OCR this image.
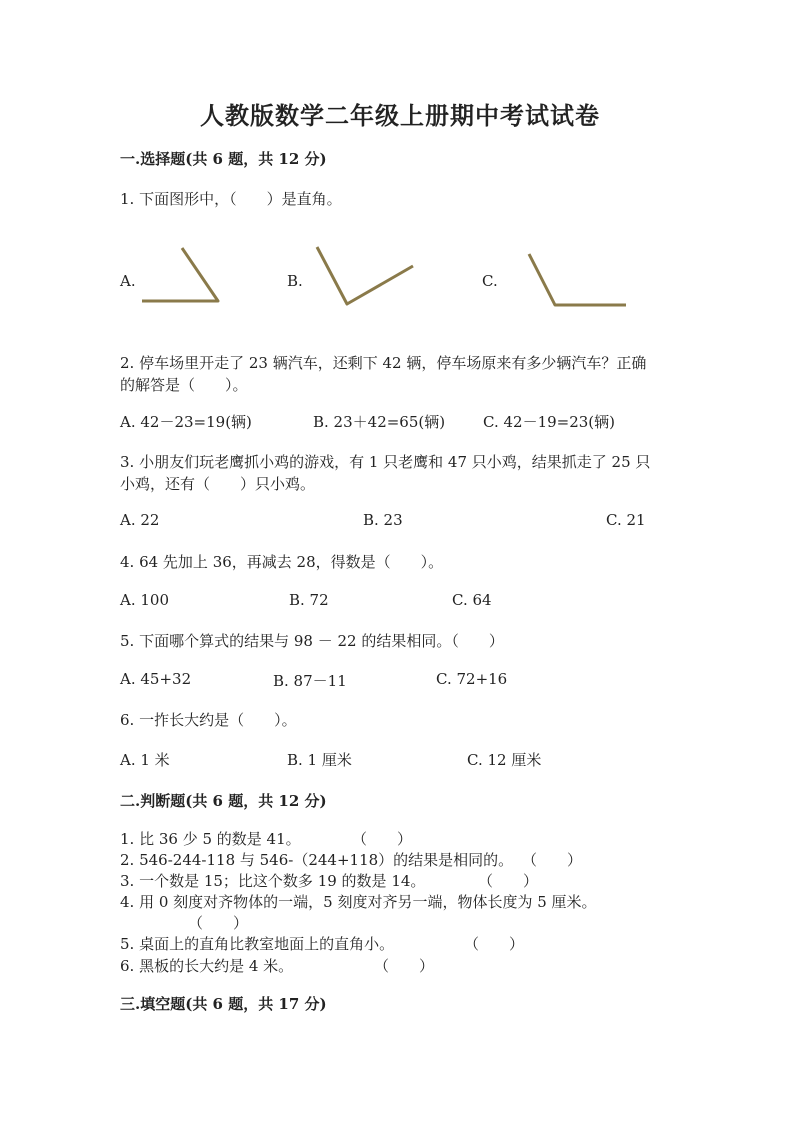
人教版数学二年级上册期中考试试卷
一.选择题(共 6 题，共 12 分)
1. 下面图形中，（　　）是直角。
A.	B.	C.
2. 停车场里开走了 23 辆汽车，还剩下 42 辆，停车场原来有多少辆汽车？正确
的解答是（　　）。
A. 42－23=19(辆)	B. 23＋42=65(辆)	C. 42－19=23(辆)
3. 小朋友们玩老鹰抓小鸡的游戏，有 1 只老鹰和 47 只小鸡，结果抓走了 25 只
小鸡，还有（　　）只小鸡。
A. 22	B. 23	C. 21
4. 64 先加上 36，再减去 28，得数是（　　）。
A. 100	B. 72	C. 64
5. 下面哪个算式的结果与 98 － 22 的结果相同。（　　）
A. 45+32	B. 87－11	C. 72+16
6. 一拃长大约是（　　）。
A. 1 米	B. 1 厘米	C. 12 厘米
二.判断题(共 6 题，共 12 分)
1. 比 36 少 5 的数是 41。	（　　）
2. 546-244-118 与 546-（244+118）的结果是相同的。 （　　）
3. 一个数是 15；比这个数多 19 的数是 14。	（　　）
4. 用 0 刻度对齐物体的一端，5 刻度对齐另一端，物体长度为 5 厘米。
（　　）
5. 桌面上的直角比教室地面上的直角小。	（　　）
6. 黑板的长大约是 4 米。	（　　）
三.填空题(共 6 题，共 17 分)
